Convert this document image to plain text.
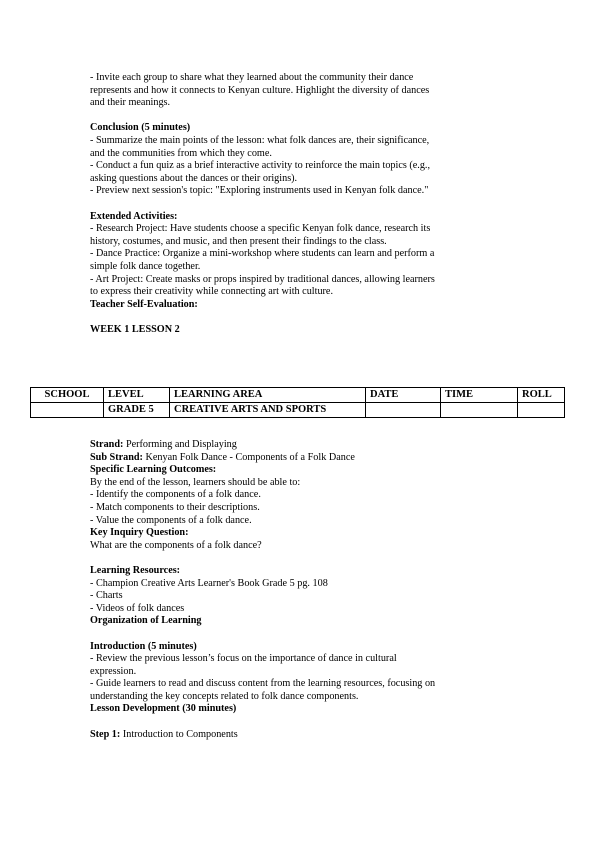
- Invite each group to share what they learned about the community their dance
represents and how it connects to Kenyan culture. Highlight the diversity of dances
and their meanings.
Conclusion (5 minutes)
- Summarize the main points of the lesson: what folk dances are, their significance,
and the communities from which they come.
- Conduct a fun quiz as a brief interactive activity to reinforce the main topics (e.g.,
asking questions about the dances or their origins).
- Preview next session's topic: "Exploring instruments used in Kenyan folk dance."
Extended Activities:
- Research Project: Have students choose a specific Kenyan folk dance, research its
history, costumes, and music, and then present their findings to the class.
- Dance Practice: Organize a mini-workshop where students can learn and perform a
simple folk dance together.
- Art Project: Create masks or props inspired by traditional dances, allowing learners
to express their creativity while connecting art with culture.
Teacher Self-Evaluation:
WEEK 1 LESSON 2
SCHOOL	LEVEL	LEARNING AREA	DATE	TIME	ROLL
	GRADE 5	CREATIVE ARTS AND SPORTS			
Strand: Performing and Displaying
Sub Strand: Kenyan Folk Dance - Components of a Folk Dance
Specific Learning Outcomes:
By the end of the lesson, learners should be able to:
- Identify the components of a folk dance.
- Match components to their descriptions.
- Value the components of a folk dance.
Key Inquiry Question:
What are the components of a folk dance?
Learning Resources:
- Champion Creative Arts Learner's Book Grade 5 pg. 108
- Charts
- Videos of folk dances
Organization of Learning
Introduction (5 minutes)
- Review the previous lesson’s focus on the importance of dance in cultural
expression.
- Guide learners to read and discuss content from the learning resources, focusing on
understanding the key concepts related to folk dance components.
Lesson Development (30 minutes)
Step 1: Introduction to Components
